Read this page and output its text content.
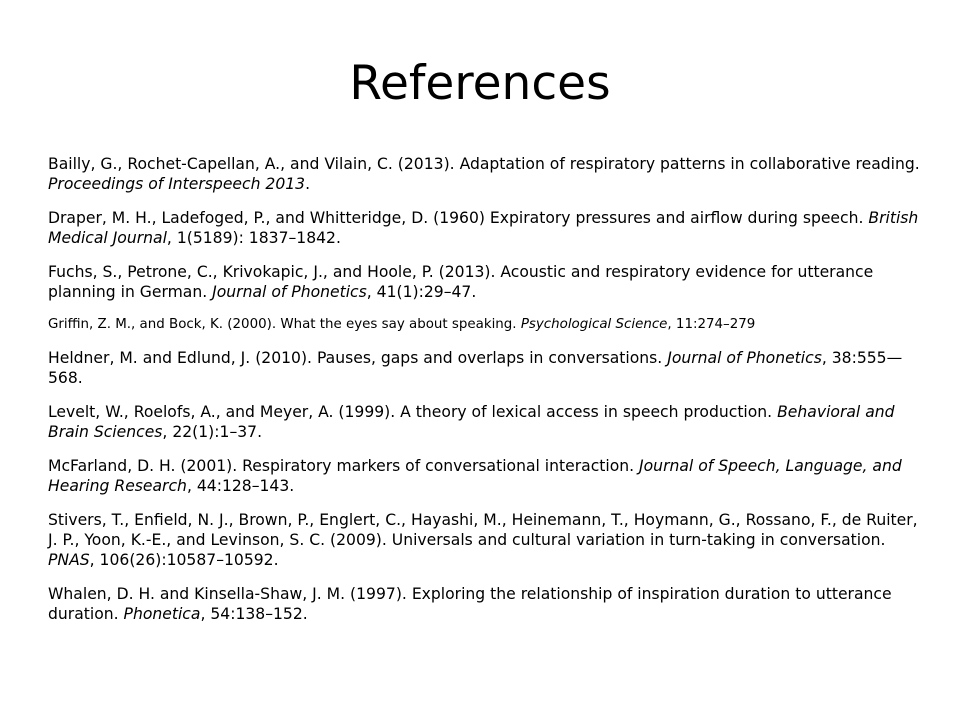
References
Bailly, G., Rochet-Capellan, A., and Vilain, C. (2013). Adaptation of respiratory patterns in collaborative reading. Proceedings of Interspeech 2013.
Draper, M. H., Ladefoged, P., and Whitteridge, D. (1960) Expiratory pressures and airflow during speech. British Medical Journal, 1(5189): 1837–1842.
Fuchs, S., Petrone, C., Krivokapic, J., and Hoole, P. (2013). Acoustic and respiratory evidence for utterance planning in German. Journal of Phonetics, 41(1):29–47.
Griffin, Z. M., and Bock, K. (2000). What the eyes say about speaking. Psychological Science, 11:274–279
Heldner, M. and Edlund, J. (2010). Pauses, gaps and overlaps in conversations. Journal of Phonetics, 38:555—568.
Levelt, W., Roelofs, A., and Meyer, A. (1999). A theory of lexical access in speech production. Behavioral and Brain Sciences, 22(1):1–37.
McFarland, D. H. (2001). Respiratory markers of conversational interaction. Journal of Speech, Language, and Hearing Research, 44:128–143.
Stivers, T., Enfield, N. J., Brown, P., Englert, C., Hayashi, M., Heinemann, T., Hoymann, G., Rossano, F., de Ruiter, J. P., Yoon, K.-E., and Levinson, S. C. (2009). Universals and cultural variation in turn-taking in conversation. PNAS, 106(26):10587–10592.
Whalen, D. H. and Kinsella-Shaw, J. M. (1997). Exploring the relationship of inspiration duration to utterance duration. Phonetica, 54:138–152.
